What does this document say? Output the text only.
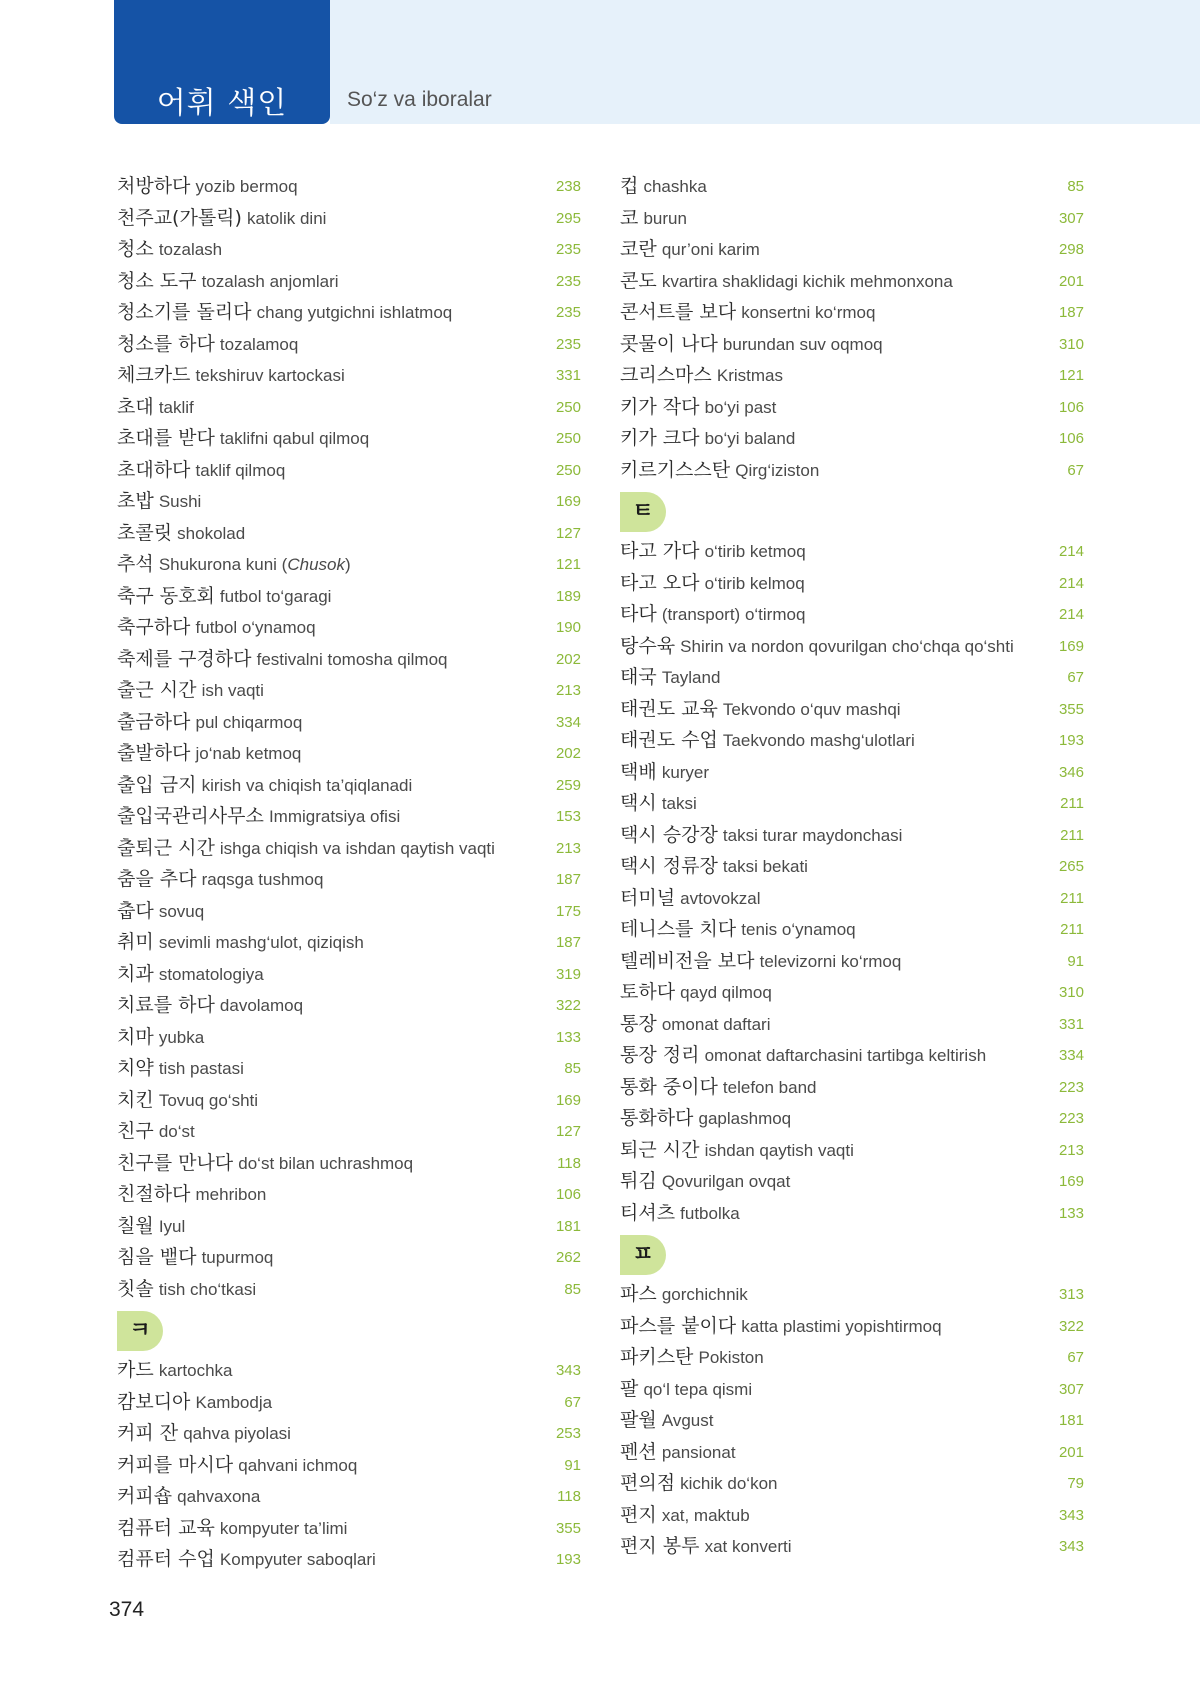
어휘 색인	So‘z va iboralar
처방하다 yozib bermoq	238
천주교(가톨릭) katolik dini	295
청소 tozalash	235
청소 도구 tozalash anjomlari	235
청소기를 돌리다 chang yutgichni ishlatmoq	235
청소를 하다 tozalamoq	235
체크카드 tekshiruv kartockasi	331
초대 taklif	250
초대를 받다 taklifni qabul qilmoq	250
초대하다 taklif qilmoq	250
초밥 Sushi	169
초콜릿 shokolad	127
추석 Shukurona kuni (Chusok)	121
축구 동호회 futbol to‘garagi	189
축구하다 futbol o‘ynamoq	190
축제를 구경하다 festivalni tomosha qilmoq	202
출근 시간 ish vaqti	213
출금하다 pul chiqarmoq	334
출발하다 jo‘nab ketmoq	202
출입 금지 kirish va chiqish ta’qiqlanadi	259
출입국관리사무소 Immigratsiya ofisi	153
출퇴근 시간 ishga chiqish va ishdan qaytish vaqti	213
춤을 추다 raqsga tushmoq	187
춥다 sovuq	175
취미 sevimli mashg‘ulot, qiziqish	187
치과 stomatologiya	319
치료를 하다 davolamoq	322
치마 yubka	133
치약 tish pastasi	85
치킨 Tovuq go‘shti	169
친구 do‘st	127
친구를 만나다 do‘st bilan uchrashmoq	118
친절하다 mehribon	106
칠월 Iyul	181
침을 뱉다 tupurmoq	262
칫솔 tish cho‘tkasi	85
ㅋ
카드 kartochka	343
캄보디아 Kambodja	67
커피 잔 qahva piyolasi	253
커피를 마시다 qahvani ichmoq	91
커피숍 qahvaxona	118
컴퓨터 교육 kompyuter ta’limi	355
컴퓨터 수업 Kompyuter saboqlari	193
컵 chashka	85
코 burun	307
코란 qur’oni karim	298
콘도 kvartira shaklidagi kichik mehmonxona	201
콘서트를 보다 konsertni ko‘rmoq	187
콧물이 나다 burundan suv oqmoq	310
크리스마스 Kristmas	121
키가 작다 bo‘yi past	106
키가 크다 bo‘yi baland	106
키르기스스탄 Qirg‘iziston	67
ㅌ
타고 가다 o‘tirib ketmoq	214
타고 오다 o‘tirib kelmoq	214
타다 (transport) o‘tirmoq	214
탕수육 Shirin va nordon qovurilgan cho‘chqa qo‘shti	169
태국 Tayland	67
태권도 교육 Tekvondo o‘quv mashqi	355
태권도 수업 Taekvondo mashg‘ulotlari	193
택배 kuryer	346
택시 taksi	211
택시 승강장 taksi turar maydonchasi	211
택시 정류장 taksi bekati	265
터미널 avtovokzal	211
테니스를 치다 tenis o‘ynamoq	211
텔레비전을 보다 televizorni ko‘rmoq	91
토하다 qayd qilmoq	310
통장 omonat daftari	331
통장 정리 omonat daftarchasini tartibga keltirish	334
통화 중이다 telefon band	223
통화하다 gaplashmoq	223
퇴근 시간 ishdan qaytish vaqti	213
튀김 Qovurilgan ovqat	169
티셔츠 futbolka	133
ㅍ
파스 gorchichnik	313
파스를 붙이다 katta plastimi yopishtirmoq	322
파키스탄 Pokiston	67
팔 qo‘l tepa qismi	307
팔월 Avgust	181
펜션 pansionat	201
편의점 kichik do‘kon	79
편지 xat, maktub	343
편지 봉투 xat konverti	343
374
